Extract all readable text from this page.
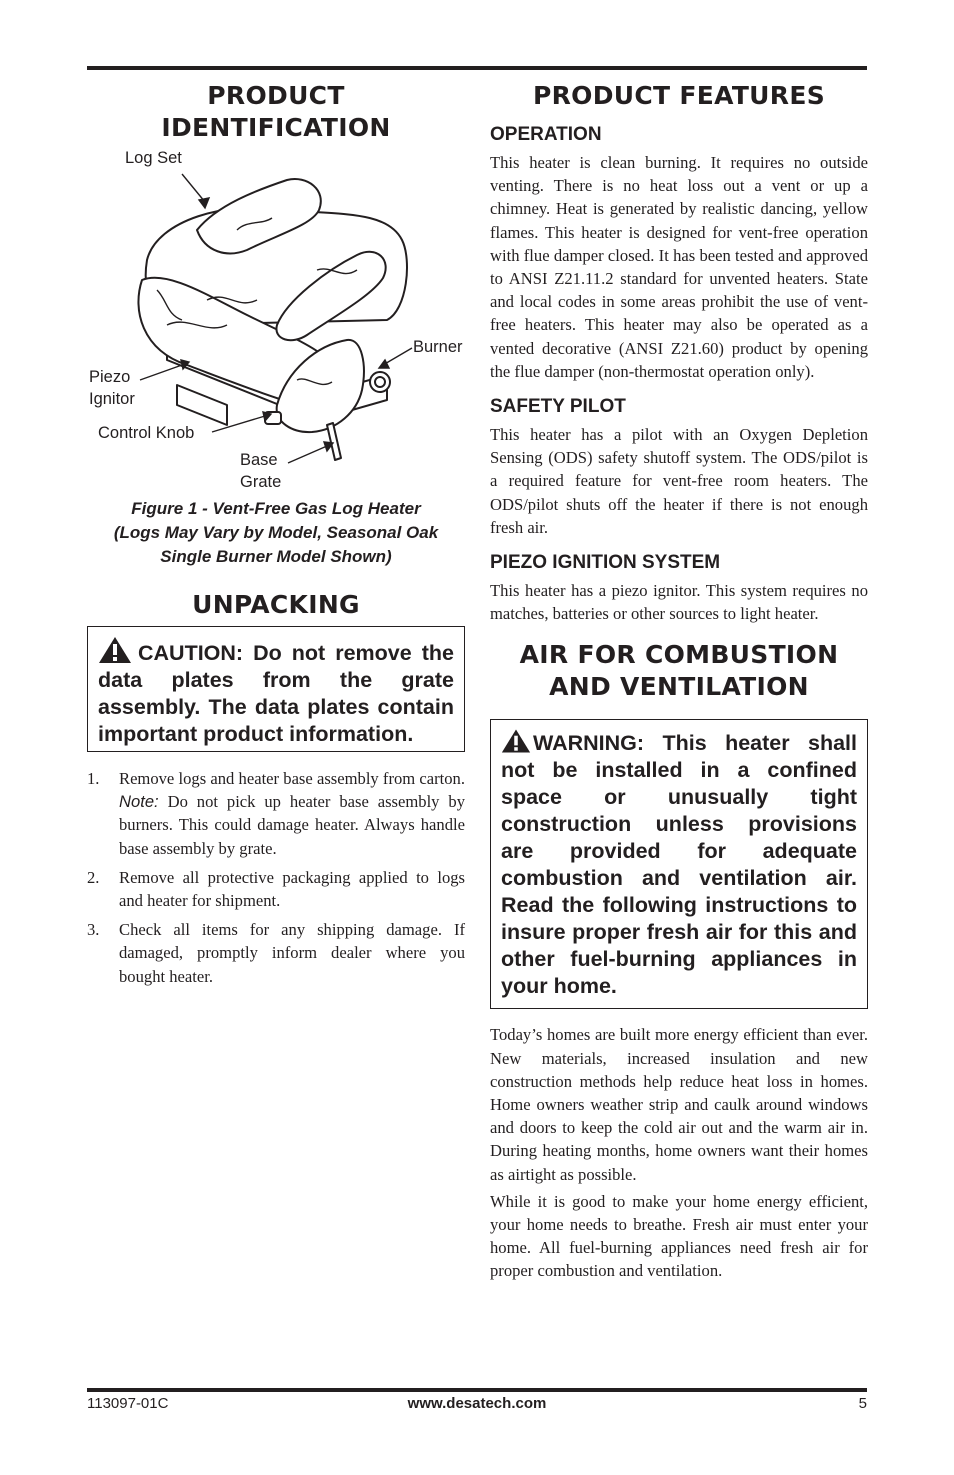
PRODUCT
IDENTIFICATION
Log Set
Burner
Piezo
Ignitor
Control Knob
Base
Grate

Figure 1 - Vent-Free Gas Log Heater

(Logs May Vary by Model, Seasonal Oak

Single Burner Model Shown)

UNPACKING
CAUTION: Do not remove the data plates from the grate assembly. The data plates contain important product information.
1. Remove logs and heater base assembly from carton. Note: Do not pick up heater base assembly by burners. This could damage heater. Always handle base assembly by grate.
2. Remove all protective packaging applied to logs and heater for shipment.
3. Check all items for any shipping damage. If damaged, promptly inform dealer where you bought heater.
PRODUCT FEATURES
OPERATION

This heater is clean burning. It requires no outside venting. There is no heat loss out a vent or up a chimney. Heat is generated by realistic dancing, yellow flames. This heater is designed for vent-free operation with flue damper closed. It has been tested and approved to ANSI Z21.11.2 standard for unvented heaters. State and local codes in some areas prohibit the use of vent-free heaters. This heater may also be operated as a vented decorative (ANSI Z21.60) product by opening the flue damper (non-thermostat operation only).

SAFETY PILOT

This heater has a pilot with an Oxygen Depletion Sensing (ODS) safety shutoff system. The ODS/pilot is a required feature for vent-free room heaters. The ODS/pilot shuts off the heater if there is not enough fresh air.

PIEZO IGNITION SYSTEM

This heater has a piezo ignitor. This system requires no matches, batteries or other sources to light heater.

AIR FOR COMBUSTION
AND VENTILATION
WARNING: This heater shall not be installed in a confined space or unusually tight construction unless provisions are provided for adequate combustion and ventilation air. Read the following instructions to insure proper fresh air for this and other fuel-burning appliances in your home.

Today’s homes are built more energy efficient than ever. New materials, increased insulation and new construction methods help reduce heat loss in homes. Home owners weather strip and caulk around windows and doors to keep the cold air out and the warm air in. During heating months, home owners want their homes as airtight as possible.

While it is good to make your home energy efficient, your home needs to breathe. Fresh air must enter your home. All fuel-burning appliances need fresh air for proper combustion and ventilation.

113097-01C	www.desatech.com	5
